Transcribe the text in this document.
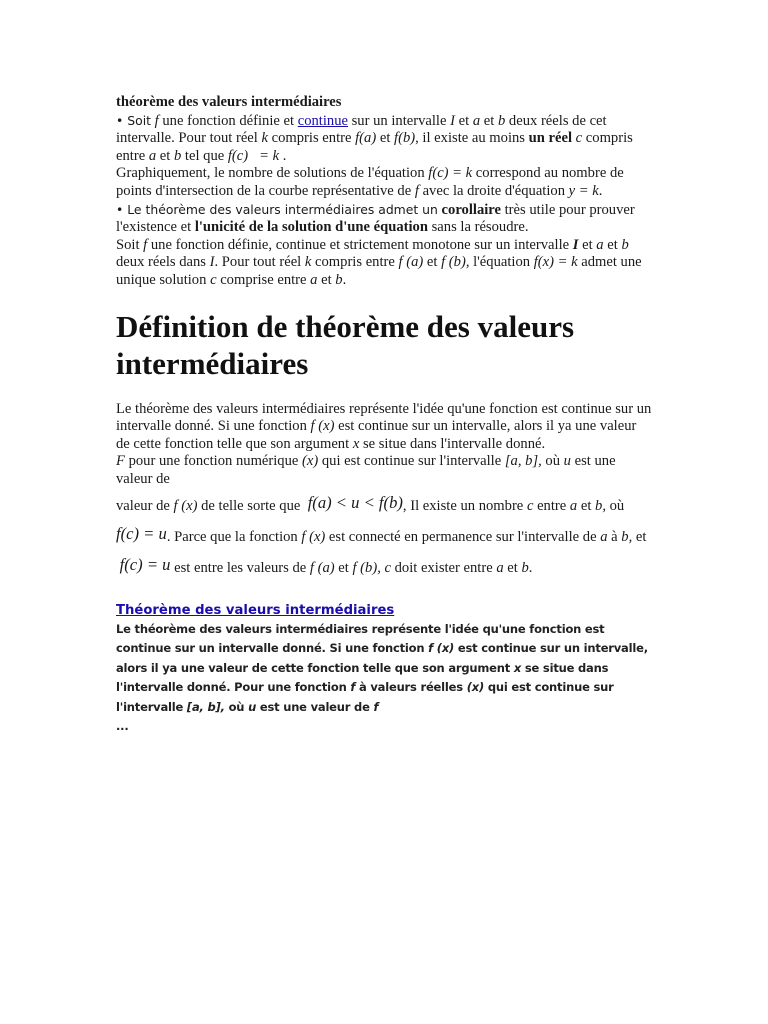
théorème des valeurs intermédiaires

• Soit f une fonction définie et continue sur un intervalle I et a et b deux réels de cet intervalle. Pour tout réel k compris entre f(a) et f(b), il existe au moins un réel c compris entre a et b tel que f(c)   = k .

Graphiquement, le nombre de solutions de l'équation f(c) = k correspond au nombre de points d'intersection de la courbe représentative de f avec la droite d'équation y = k.

• Le théorème des valeurs intermédiaires admet un corollaire très utile pour prouver l'existence et l'unicité de la solution d'une équation sans la résoudre.

Soit f une fonction définie, continue et strictement monotone sur un intervalle I et a et b deux réels dans I. Pour tout réel k compris entre f (a) et f (b), l'équation f(x) = k admet une unique solution c comprise entre a et b.

Définition de théorème des valeurs intermédiaires

Le théorème des valeurs intermédiaires représente l'idée qu'une fonction est continue sur un intervalle donné. Si une fonction f (x) est continue sur un intervalle, alors il ya une valeur de cette fonction telle que son argument x se situe dans l'intervalle donné.
F pour une fonction numérique (x) qui est continue sur l'intervalle [a, b], où u est une valeur de

valeur de f (x) de telle sorte que  f(a) < u < f(b), Il existe un nombre c entre a et b, où  f(c) = u. Parce que la fonction f (x) est connecté en permanence sur l'intervalle de a à b, et  f(c) = u est entre les valeurs de f (a) et f (b), c doit exister entre a et b.

Théorème des valeurs intermédiaires
Le théorème des valeurs intermédiaires représente l'idée qu'une fonction est continue sur un intervalle donné. Si une fonction f (x) est continue sur un intervalle, alors il ya une valeur de cette fonction telle que son argument x se situe dans l'intervalle donné. Pour une fonction f à valeurs réelles (x) qui est continue sur l'intervalle [a, b], où u est une valeur de f
...
